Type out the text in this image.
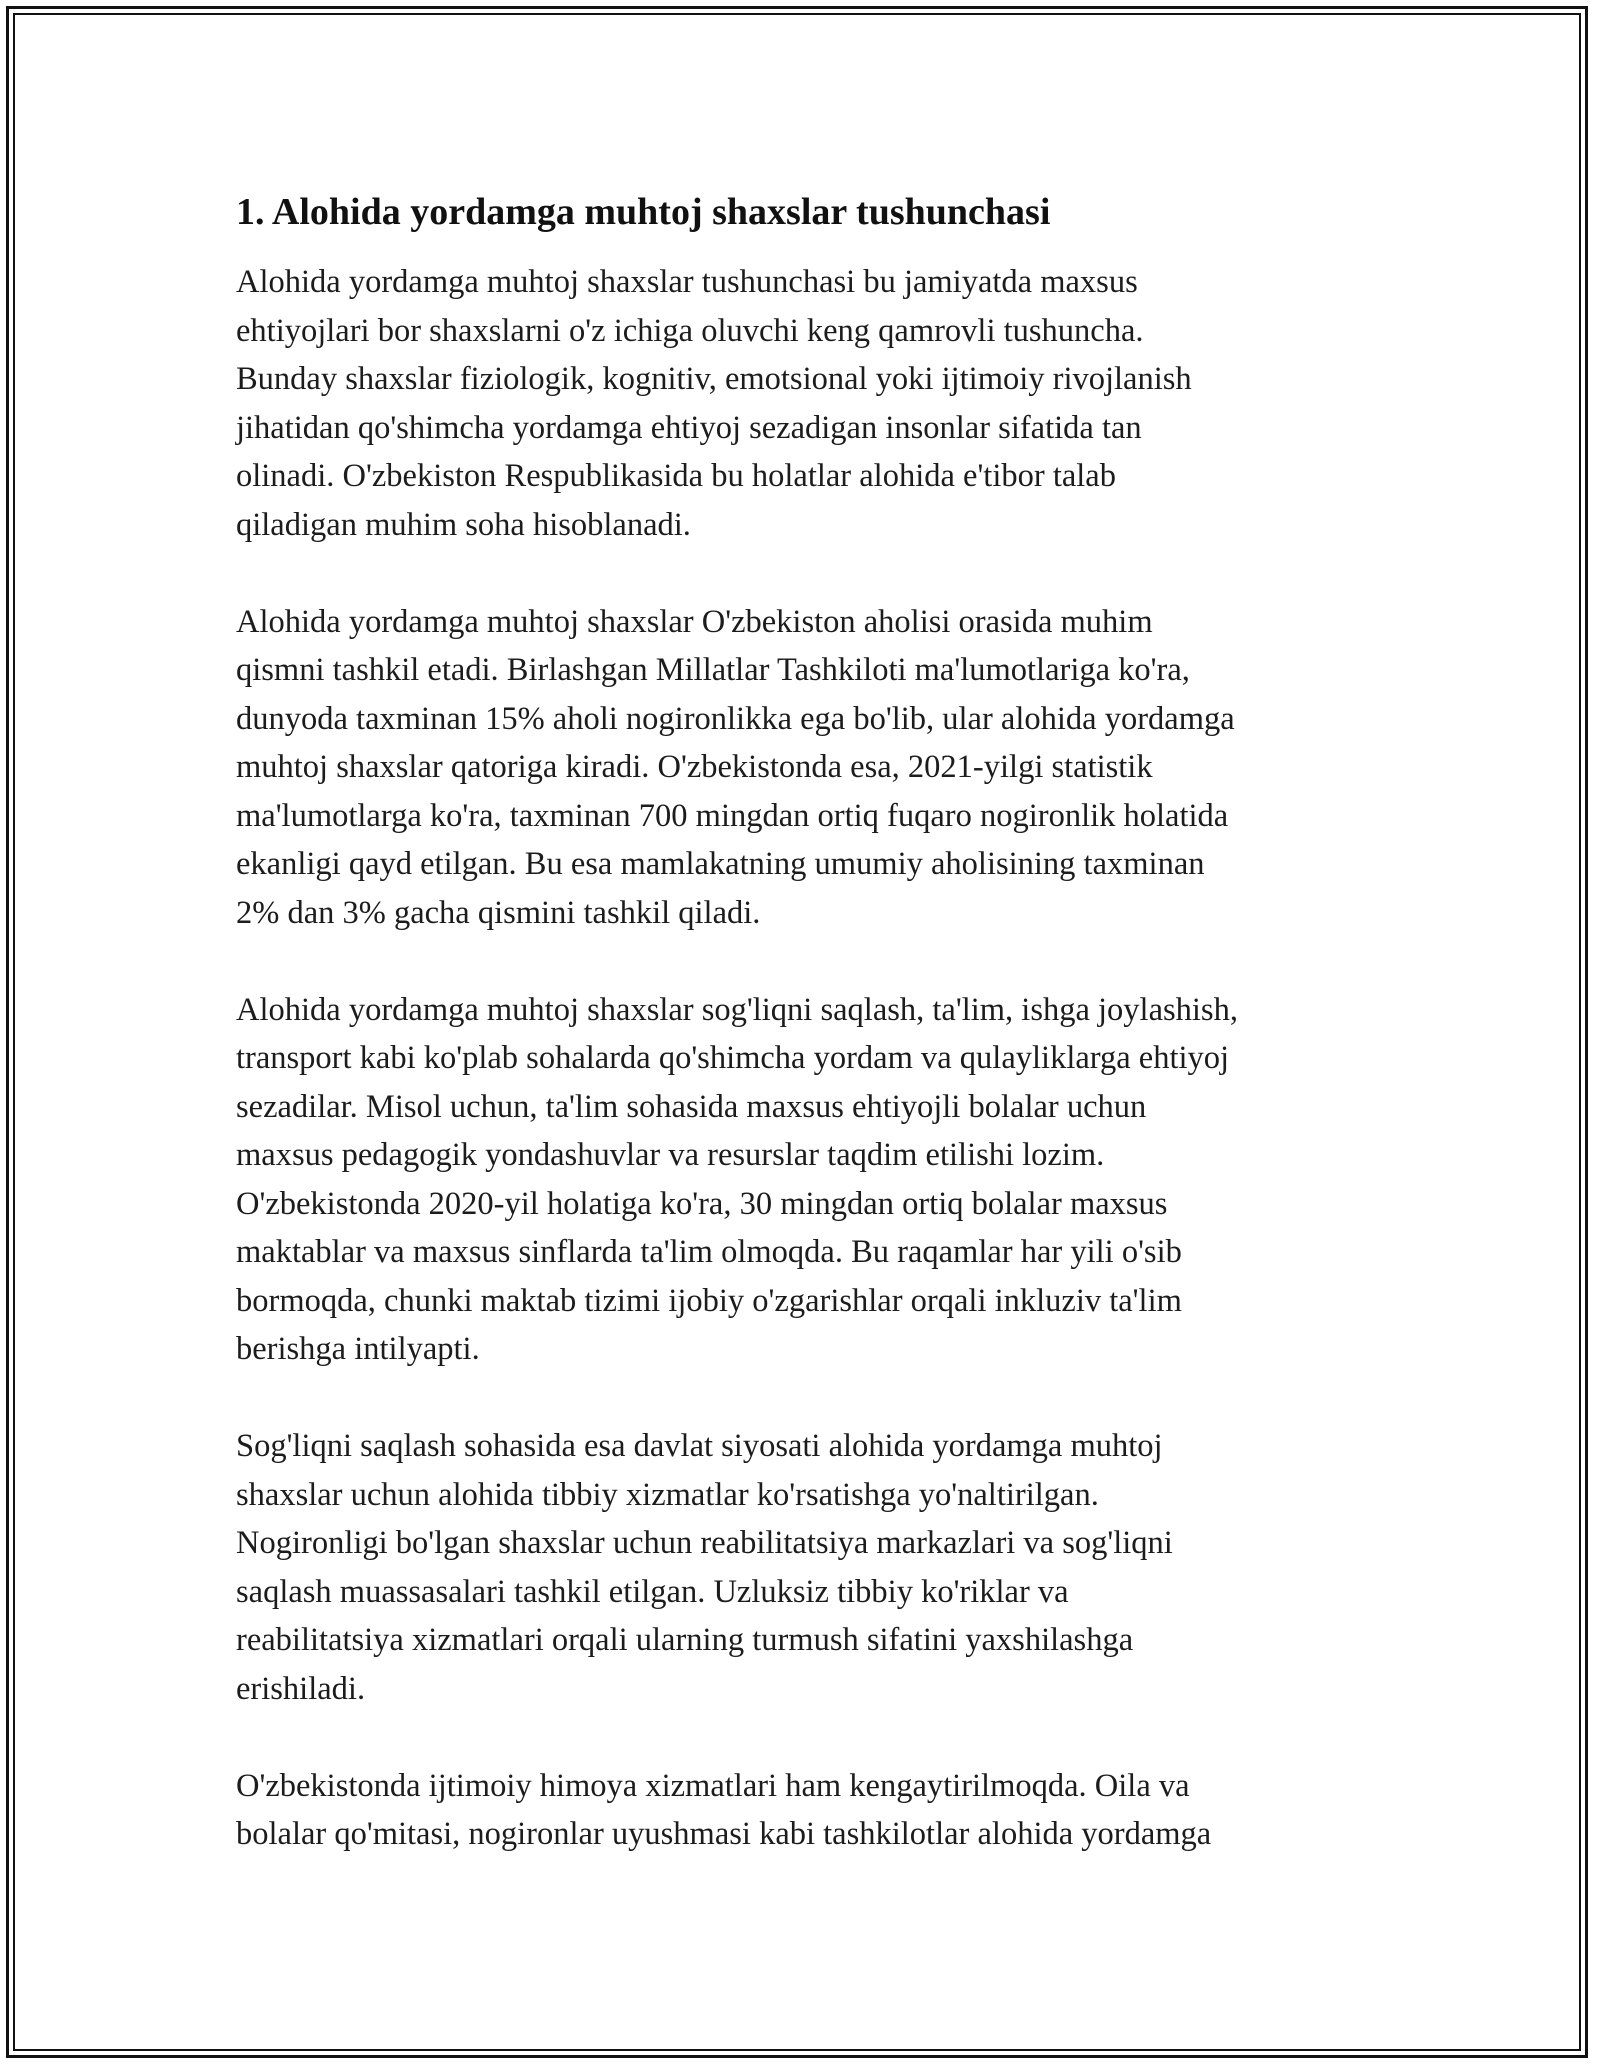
1. Alohida yordamga muhtoj shaxslar tushunchasi

Alohida yordamga muhtoj shaxslar tushunchasi bu jamiyatda maxsus
ehtiyojlari bor shaxslarni o'z ichiga oluvchi keng qamrovli tushuncha.
Bunday shaxslar fiziologik, kognitiv, emotsional yoki ijtimoiy rivojlanish
jihatidan qo'shimcha yordamga ehtiyoj sezadigan insonlar sifatida tan
olinadi. O'zbekiston Respublikasida bu holatlar alohida e'tibor talab
qiladigan muhim soha hisoblanadi.

Alohida yordamga muhtoj shaxslar O'zbekiston aholisi orasida muhim
qismni tashkil etadi. Birlashgan Millatlar Tashkiloti ma'lumotlariga ko'ra,
dunyoda taxminan 15% aholi nogironlikka ega bo'lib, ular alohida yordamga
muhtoj shaxslar qatoriga kiradi. O'zbekistonda esa, 2021-yilgi statistik
ma'lumotlarga ko'ra, taxminan 700 mingdan ortiq fuqaro nogironlik holatida
ekanligi qayd etilgan. Bu esa mamlakatning umumiy aholisining taxminan
2% dan 3% gacha qismini tashkil qiladi.

Alohida yordamga muhtoj shaxslar sog'liqni saqlash, ta'lim, ishga joylashish,
transport kabi ko'plab sohalarda qo'shimcha yordam va qulayliklarga ehtiyoj
sezadilar. Misol uchun, ta'lim sohasida maxsus ehtiyojli bolalar uchun
maxsus pedagogik yondashuvlar va resurslar taqdim etilishi lozim.
O'zbekistonda 2020-yil holatiga ko'ra, 30 mingdan ortiq bolalar maxsus
maktablar va maxsus sinflarda ta'lim olmoqda. Bu raqamlar har yili o'sib
bormoqda, chunki maktab tizimi ijobiy o'zgarishlar orqali inkluziv ta'lim
berishga intilyapti.

Sog'liqni saqlash sohasida esa davlat siyosati alohida yordamga muhtoj
shaxslar uchun alohida tibbiy xizmatlar ko'rsatishga yo'naltirilgan.
Nogironligi bo'lgan shaxslar uchun reabilitatsiya markazlari va sog'liqni
saqlash muassasalari tashkil etilgan. Uzluksiz tibbiy ko'riklar va
reabilitatsiya xizmatlari orqali ularning turmush sifatini yaxshilashga
erishiladi.

O'zbekistonda ijtimoiy himoya xizmatlari ham kengaytirilmoqda. Oila va
bolalar qo'mitasi, nogironlar uyushmasi kabi tashkilotlar alohida yordamga
